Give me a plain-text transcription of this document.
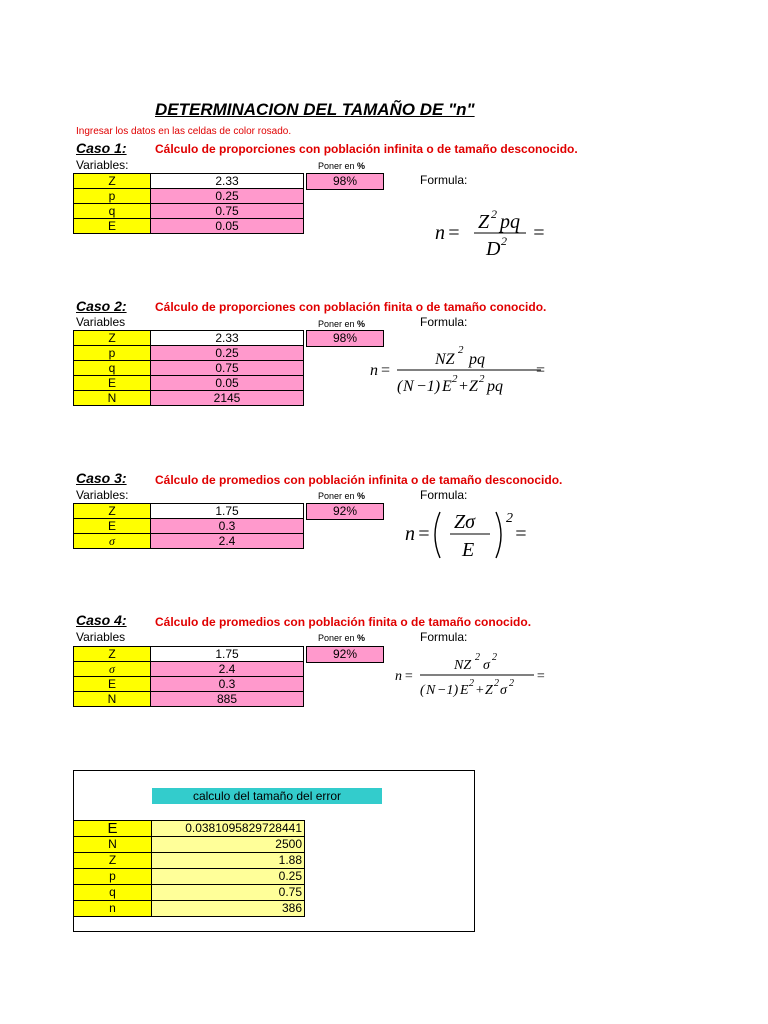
DETERMINACION DEL TAMAÑO DE "n"
Ingresar los datos en las celdas de color rosado.
Caso 1: Cálculo de proporciones con población infinita o de tamaño desconocido.
Variables:	Poner en %
Formula:
Z	2.33
p	0.25
q	0.75
E	0.05
98%
n = Z 2 pq
D 2 =
Caso 2: Cálculo de proporciones con población finita o de tamaño conocido.
Variables	Poner en %	Formula:
Z	2.33
p	0.25
q	0.75
E	0.05
N	2145
98%
n =
NZ
2
pq
( N −1) E 2 + Z 2 pq
=
Caso 3: Cálculo de promedios con población infinita o de tamaño desconocido.
Variables:	Poner en %	Formula:
Z	1.75
E	0.3
σ	2.4
92%
n =
Zσ
E
2
=
Caso 4: Cálculo de promedios con población finita o de tamaño conocido.
Variables	Poner en %	Formula:
Z	1.75
σ	2.4
E	0.3
N	885
92%
n =
NZ
2
σ
2
( N −1) E 2 + Z 2 σ 2 =
calculo del tamaño del error
E	0.0381095829728441
N	2500
Z	1.88
p	0.25
q	0.75
n	386
